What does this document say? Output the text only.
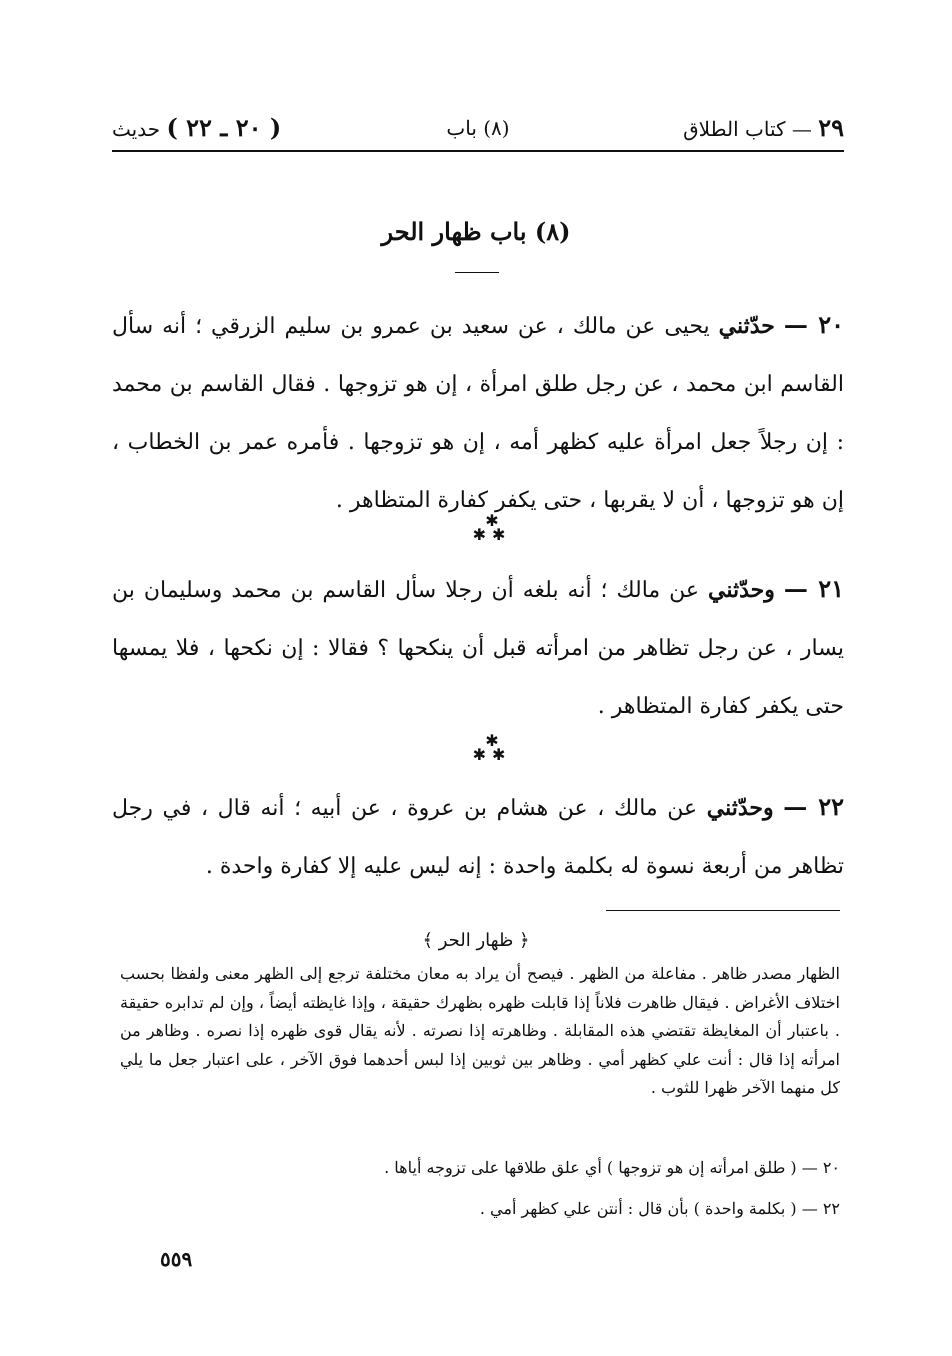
٢٩ — كتاب الطلاق
(٨) باب
( ٢٠ ـ ٢٢ ) حديث
(٨) باب ظهار الحر

٢٠ — حدّثني يحيى عن مالك ، عن سعيد بن عمرو بن سليم الزرقي ؛ أنه سأل القاسم ابن محمد ، عن رجل طلق امرأة ، إن هو تزوجها . فقال القاسم بن محمد : إن رجلاً جعل امرأة عليه كظهر أمه ، إن هو تزوجها . فأمره عمر بن الخطاب ، إن هو تزوجها ، أن لا يقربها ، حتى يكفر كفارة المتظاهر .

✱
✱✱

٢١ — وحدّثني عن مالك ؛ أنه بلغه أن رجلا سأل القاسم بن محمد وسليمان بن يسار ، عن رجل تظاهر من امرأته قبل أن ينكحها ؟ فقالا : إن نكحها ، فلا يمسها حتى يكفر كفارة المتظاهر .

✱
✱✱

٢٢ — وحدّثني عن مالك ، عن هشام بن عروة ، عن أبيه ؛ أنه قال ، في رجل تظاهر من أربعة نسوة له بكلمة واحدة : إنه ليس عليه إلا كفارة واحدة .

﴿ ظهار الحر ﴾

الظهار مصدر ظاهر . مفاعلة من الظهر . فيصح أن يراد به معان مختلفة ترجع إلى الظهر معنى ولفظا بحسب اختلاف الأغراض . فيقال ظاهرت فلاناً إذا قابلت ظهره بظهرك حقيقة ، وإذا غايظته أيضاً ، وإن لم تدابره حقيقة . باعتبار أن المغايظة تقتضي هذه المقابلة . وظاهرته إذا نصرته . لأنه يقال قوى ظهره إذا نصره . وظاهر من امرأته إذا قال : أنت علي كظهر أمي . وظاهر بين ثوبين إذا لبس أحدهما فوق الآخر ، على اعتبار جعل ما يلي كل منهما الآخر ظهرا للثوب .

٢٠ — ( طلق امرأته إن هو تزوجها ) أي علق طلاقها على تزوجه أياها .
٢٢ — ( بكلمة واحدة ) بأن قال : أنتن علي كظهر أمي .
٥٥٩
